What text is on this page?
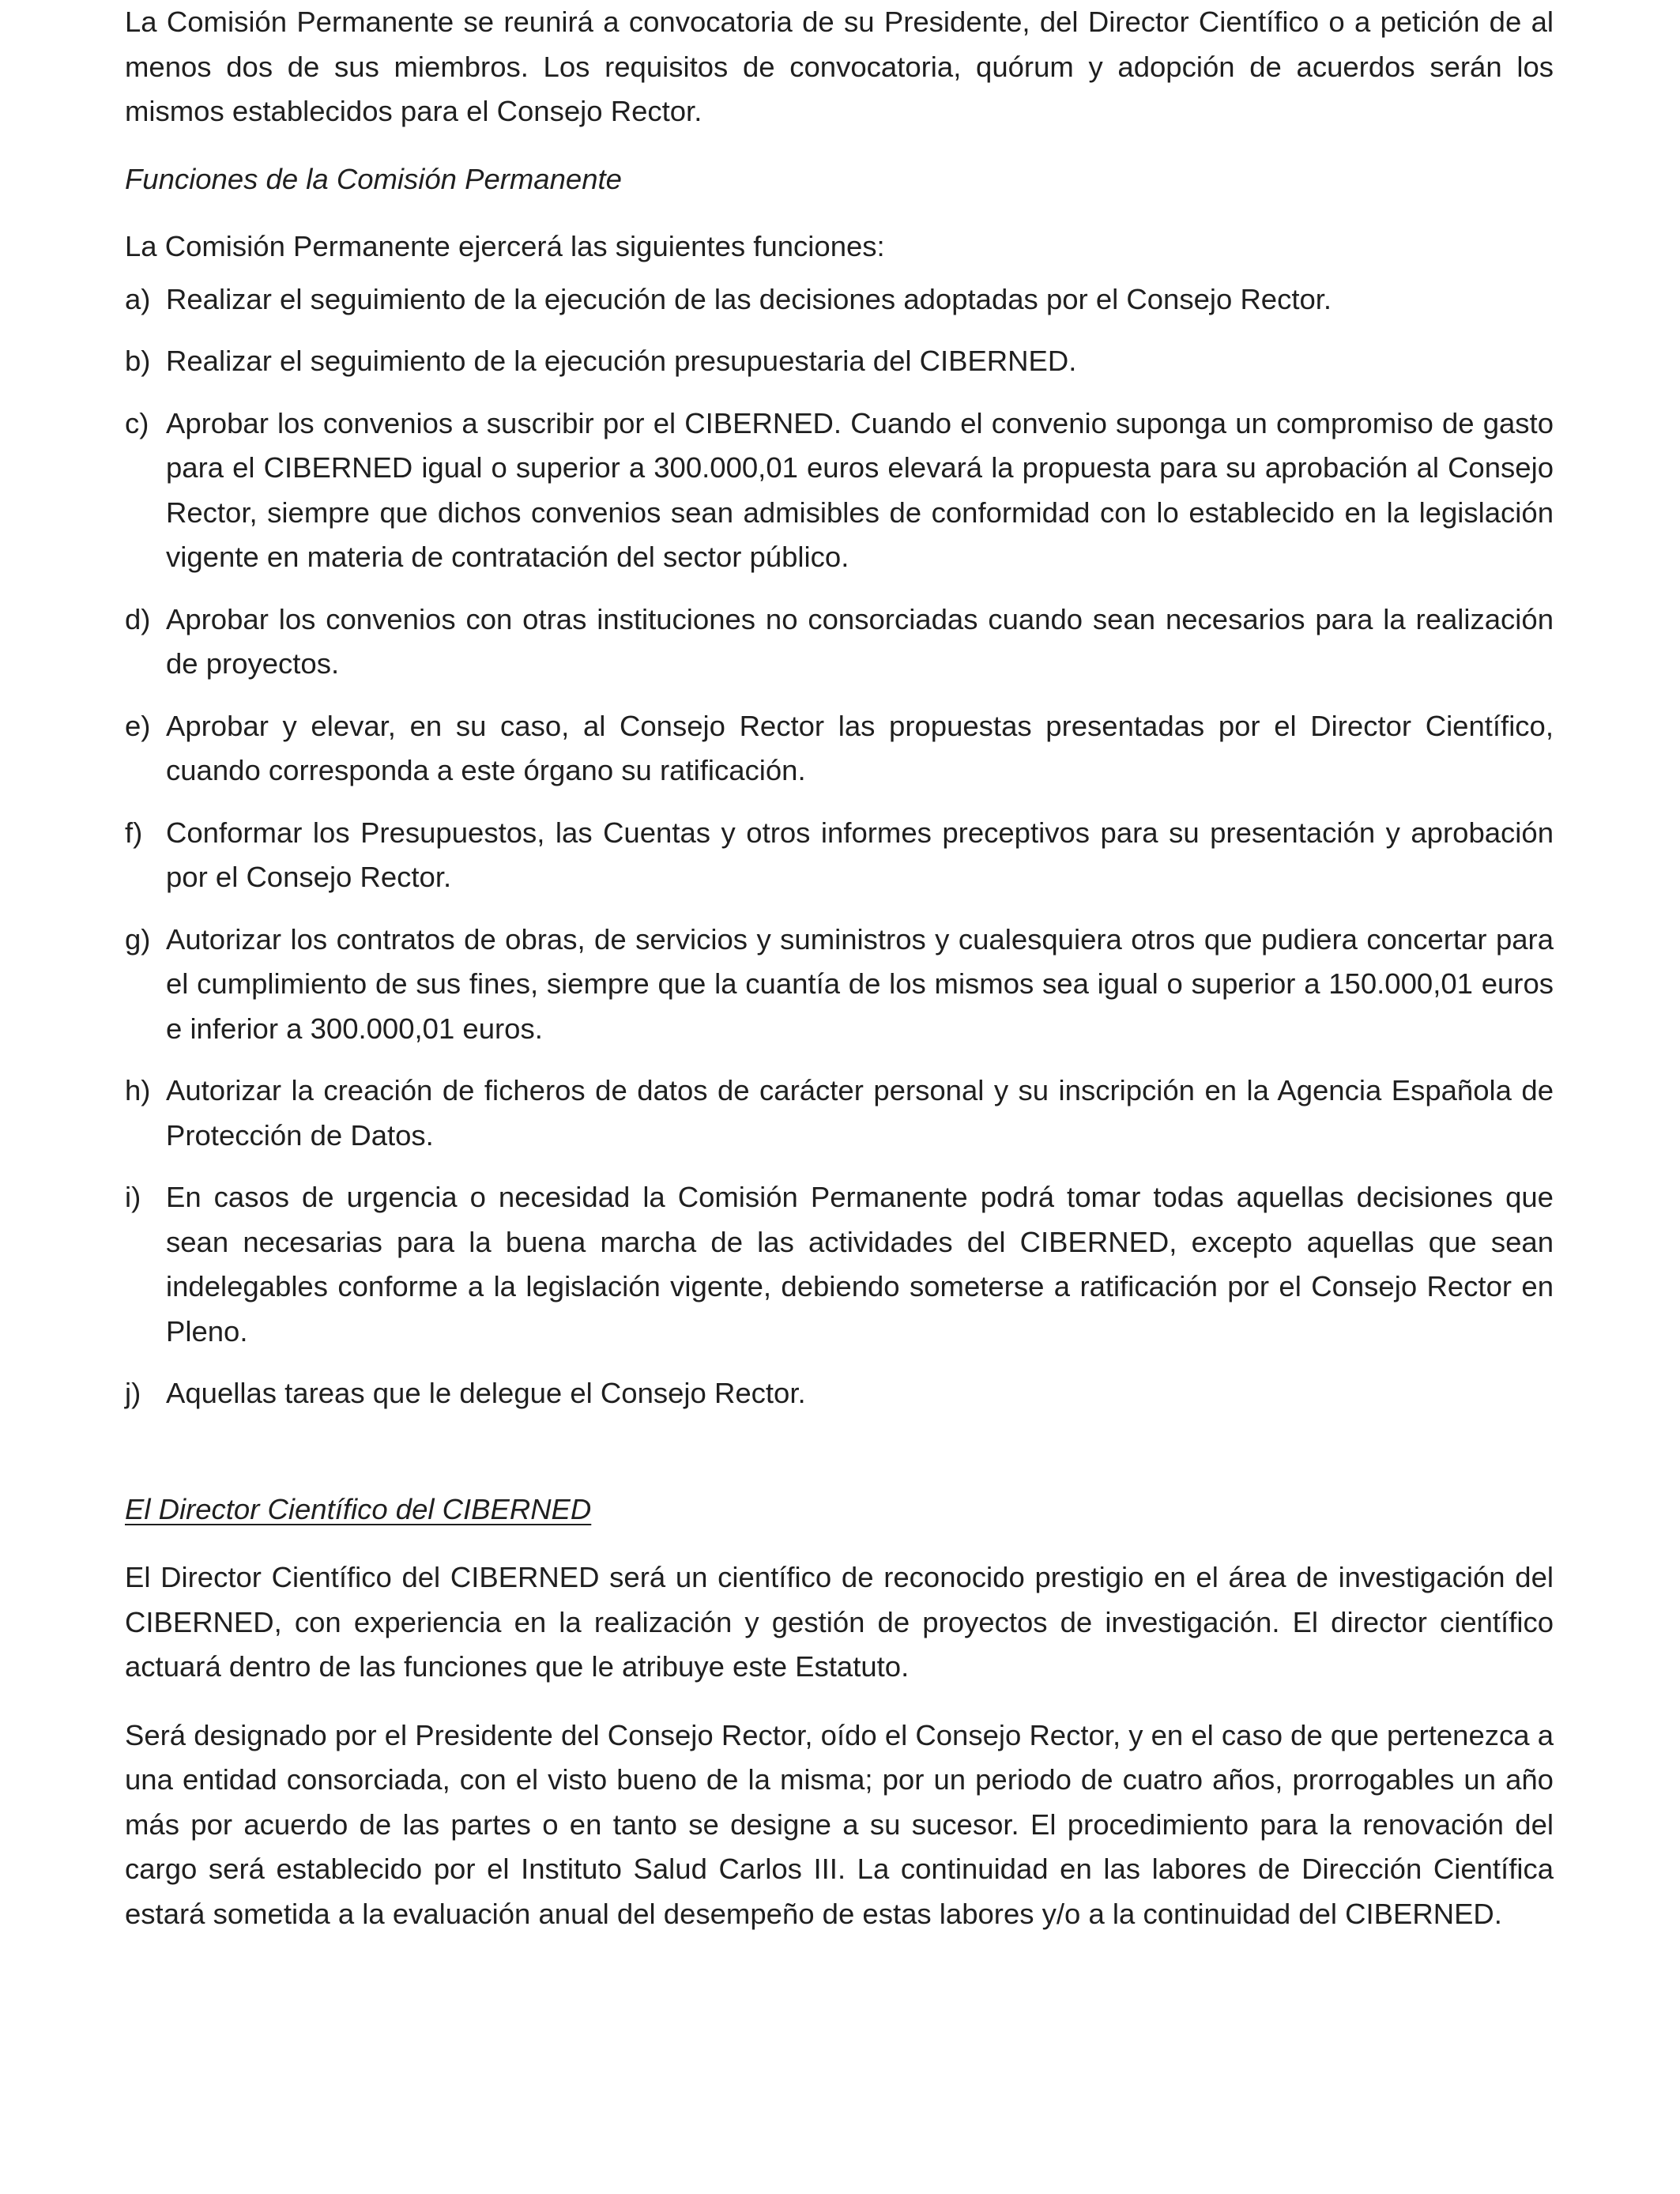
La Comisión Permanente se reunirá a convocatoria de su Presidente, del Director Científico o a petición de al menos dos de sus miembros. Los requisitos de convocatoria, quórum y adopción de acuerdos serán los mismos establecidos para el Consejo Rector.

Funciones de la Comisión Permanente

La Comisión Permanente ejercerá las siguientes funciones:

a) Realizar el seguimiento de la ejecución de las decisiones adoptadas por el Consejo Rector.
b) Realizar el seguimiento de la ejecución presupuestaria del CIBERNED.
c) Aprobar los convenios a suscribir por el CIBERNED. Cuando el convenio suponga un compromiso de gasto para el CIBERNED igual o superior a 300.000,01 euros elevará la propuesta para su aprobación al Consejo Rector, siempre que dichos convenios sean admisibles de conformidad con lo establecido en la legislación vigente en materia de contratación del sector público.
d) Aprobar los convenios con otras instituciones no consorciadas cuando sean necesarios para la realización de proyectos.
e) Aprobar y elevar, en su caso, al Consejo Rector las propuestas presentadas por el Director Científico, cuando corresponda a este órgano su ratificación.
f) Conformar los Presupuestos, las Cuentas y otros informes preceptivos para su presentación y aprobación por el Consejo Rector.
g) Autorizar los contratos de obras, de servicios y suministros y cualesquiera otros que pudiera concertar para el cumplimiento de sus fines, siempre que la cuantía de los mismos sea igual o superior a 150.000,01 euros e inferior a 300.000,01 euros.
h) Autorizar la creación de ficheros de datos de carácter personal y su inscripción en la Agencia Española de Protección de Datos.
i) En casos de urgencia o necesidad la Comisión Permanente podrá tomar todas aquellas decisiones que sean necesarias para la buena marcha de las actividades del CIBERNED, excepto aquellas que sean indelegables conforme a la legislación vigente, debiendo someterse a ratificación por el Consejo Rector en Pleno.
j) Aquellas tareas que le delegue el Consejo Rector.

El Director Científico del CIBERNED

El Director Científico del CIBERNED será un científico de reconocido prestigio en el área de investigación del CIBERNED, con experiencia en la realización y gestión de proyectos de investigación. El director científico actuará dentro de las funciones que le atribuye este Estatuto.

Será designado por el Presidente del Consejo Rector, oído el Consejo Rector, y en el caso de que pertenezca a una entidad consorciada, con el visto bueno de la misma; por un periodo de cuatro años, prorrogables un año más por acuerdo de las partes o en tanto se designe a su sucesor. El procedimiento para la renovación del cargo será establecido por el Instituto Salud Carlos III. La continuidad en las labores de Dirección Científica estará sometida a la evaluación anual del desempeño de estas labores y/o a la continuidad del CIBERNED.
